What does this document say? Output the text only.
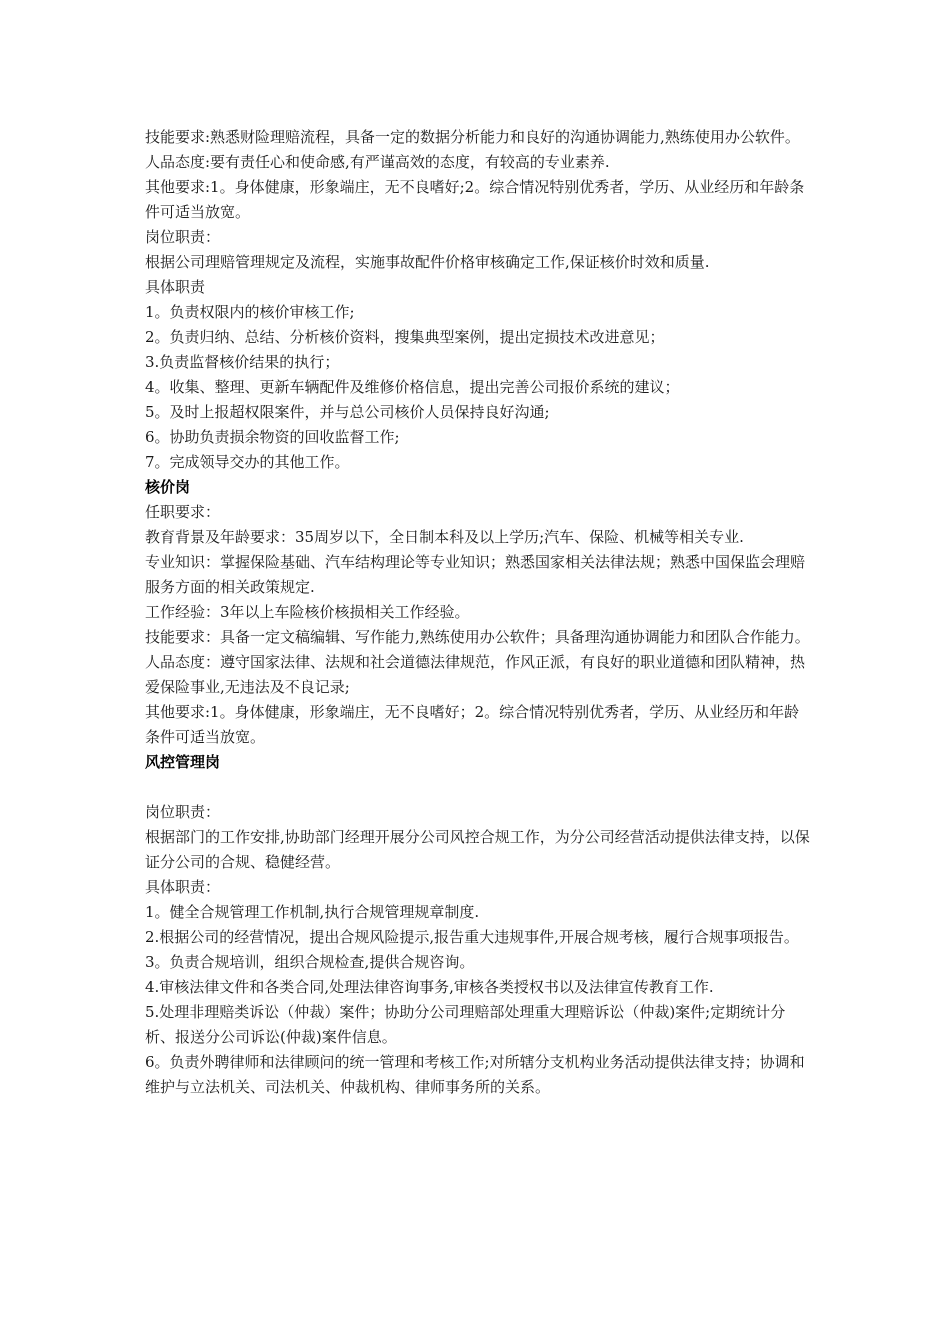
技能要求:熟悉财险理赔流程，具备一定的数据分析能力和良好的沟通协调能力,熟练使用办公软件。
人品态度:要有责任心和使命感,有严谨高效的态度，有较高的专业素养.
其他要求:1。身体健康，形象端庄，无不良嗜好;2。综合情况特别优秀者，学历、从业经历和年龄条件可适当放宽。
岗位职责：
根据公司理赔管理规定及流程，实施事故配件价格审核确定工作,保证核价时效和质量.
具体职责
1。负责权限内的核价审核工作;
2。负责归纳、总结、分析核价资料，搜集典型案例，提出定损技术改进意见；
3.负责监督核价结果的执行；
4。收集、整理、更新车辆配件及维修价格信息，提出完善公司报价系统的建议；
5。及时上报超权限案件，并与总公司核价人员保持良好沟通;
6。协助负责损余物资的回收监督工作;
7。完成领导交办的其他工作。
核价岗
任职要求：
教育背景及年龄要求：35周岁以下，全日制本科及以上学历;汽车、保险、机械等相关专业.
专业知识：掌握保险基础、汽车结构理论等专业知识；熟悉国家相关法律法规；熟悉中国保监会理赔服务方面的相关政策规定.
工作经验：3年以上车险核价核损相关工作经验。
技能要求：具备一定文稿编辑、写作能力,熟练使用办公软件；具备理沟通协调能力和团队合作能力。
人品态度：遵守国家法律、法规和社会道德法律规范，作风正派，有良好的职业道德和团队精神，热爱保险事业,无违法及不良记录;
其他要求:1。身体健康，形象端庄，无不良嗜好；2。综合情况特别优秀者，学历、从业经历和年龄条件可适当放宽。
风控管理岗
岗位职责：
根据部门的工作安排,协助部门经理开展分公司风控合规工作，为分公司经营活动提供法律支持，以保证分公司的合规、稳健经营。
具体职责：
1。健全合规管理工作机制,执行合规管理规章制度.
2.根据公司的经营情况，提出合规风险提示,报告重大违规事件,开展合规考核，履行合规事项报告。
3。负责合规培训，组织合规检查,提供合规咨询。
4.审核法律文件和各类合同,处理法律咨询事务,审核各类授权书以及法律宣传教育工作.
5.处理非理赔类诉讼（仲裁）案件；协助分公司理赔部处理重大理赔诉讼（仲裁)案件;定期统计分析、报送分公司诉讼(仲裁)案件信息。
6。负责外聘律师和法律顾问的统一管理和考核工作;对所辖分支机构业务活动提供法律支持；协调和维护与立法机关、司法机关、仲裁机构、律师事务所的关系。
